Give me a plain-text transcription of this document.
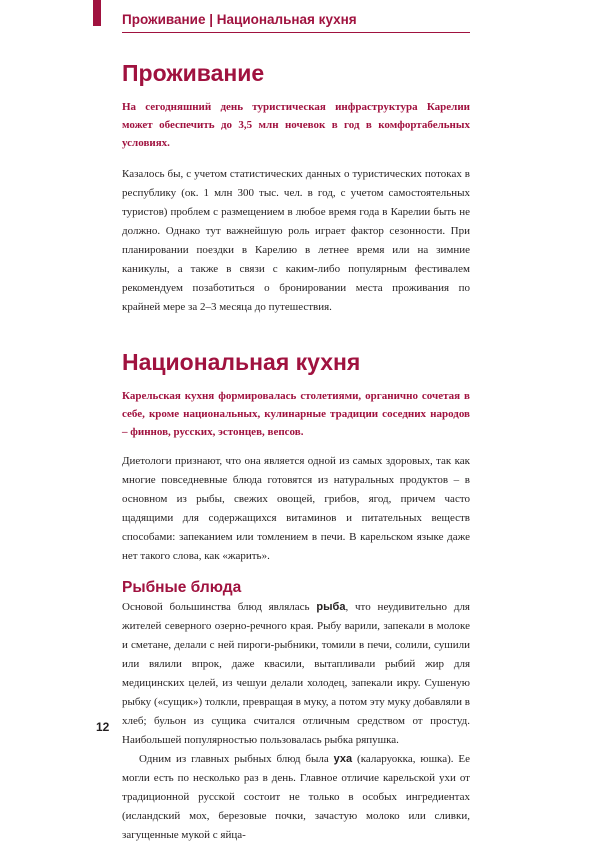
Проживание | Национальная кухня
Проживание

На сегодняшний день туристическая инфраструктура Карелии может обеспечить до 3,5 млн ночевок в год в комфортабельных условиях.

Казалось бы, с учетом статистических данных о туристических потоках в республику (ок. 1 млн 300 тыс. чел. в год, с учетом самостоятельных туристов) проблем с размещением в любое время года в Карелии быть не должно. Однако тут важнейшую роль играет фактор сезонности. При планировании поездки в Карелию в летнее время или на зимние каникулы, а также в связи с каким-либо популярным фестивалем рекомендуем позаботиться о бронировании места проживания по крайней мере за 2–3 месяца до путешествия.

Национальная кухня

Карельская кухня формировалась столетиями, органично сочетая в себе, кроме национальных, кулинарные традиции соседних народов – финнов, русских, эстонцев, вепсов.

Диетологи признают, что она является одной из самых здоровых, так как многие повседневные блюда готовятся из натуральных продуктов – в основном из рыбы, свежих овощей, грибов, ягод, причем часто щадящими для содержащихся витаминов и питательных веществ способами: запеканием или томлением в печи. В карельском языке даже нет такого слова, как «жарить».

Рыбные блюда

Основой большинства блюд являлась рыба, что неудивительно для жителей северного озерно-речного края. Рыбу варили, запекали в молоке и сметане, делали с ней пироги-рыбники, томили в печи, солили, сушили или вялили впрок, даже квасили, вытапливали рыбий жир для медицинских целей, из чешуи делали холодец, запекали икру. Сушеную рыбку («сущик») толкли, превращая в муку, а потом эту муку добавляли в хлеб; бульон из сущика считался отличным средством от простуд. Наибольшей популярностью пользовалась рыбка ряпушка.

Одним из главных рыбных блюд была уха (каларуокка, юшка). Ее могли есть по несколько раз в день. Главное отличие карельской ухи от традиционной русской состоит не только в особых ингредиентах (исландский мох, березовые почки, зачастую молоко или сливки, загущенные мукой с яйца-

12
